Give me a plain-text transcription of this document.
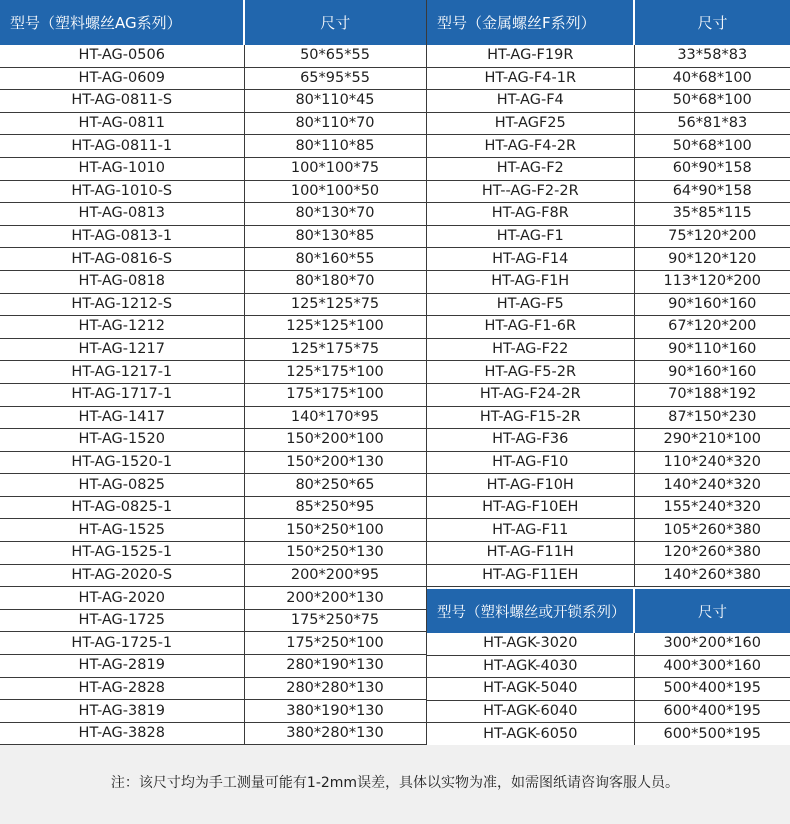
型号（塑料螺丝AG系列）	尺寸
HT-AG-0506	50*65*55
HT-AG-0609	65*95*55
HT-AG-0811-S	80*110*45
HT-AG-0811	80*110*70
HT-AG-0811-1	80*110*85
HT-AG-1010	100*100*75
HT-AG-1010-S	100*100*50
HT-AG-0813	80*130*70
HT-AG-0813-1	80*130*85
HT-AG-0816-S	80*160*55
HT-AG-0818	80*180*70
HT-AG-1212-S	125*125*75
HT-AG-1212	125*125*100
HT-AG-1217	125*175*75
HT-AG-1217-1	125*175*100
HT-AG-1717-1	175*175*100
HT-AG-1417	140*170*95
HT-AG-1520	150*200*100
HT-AG-1520-1	150*200*130
HT-AG-0825	80*250*65
HT-AG-0825-1	85*250*95
HT-AG-1525	150*250*100
HT-AG-1525-1	150*250*130
HT-AG-2020-S	200*200*95
HT-AG-2020	200*200*130
HT-AG-1725	175*250*75
HT-AG-1725-1	175*250*100
HT-AG-2819	280*190*130
HT-AG-2828	280*280*130
HT-AG-3819	380*190*130
HT-AG-3828	380*280*130
型号（金属螺丝F系列）	尺寸
HT-AG-F19R	33*58*83
HT-AG-F4-1R	40*68*100
HT-AG-F4	50*68*100
HT-AGF25	56*81*83
HT-AG-F4-2R	50*68*100
HT-AG-F2	60*90*158
HT--AG-F2-2R	64*90*158
HT-AG-F8R	35*85*115
HT-AG-F1	75*120*200
HT-AG-F14	90*120*120
HT-AG-F1H	113*120*200
HT-AG-F5	90*160*160
HT-AG-F1-6R	67*120*200
HT-AG-F22	90*110*160
HT-AG-F5-2R	90*160*160
HT-AG-F24-2R	70*188*192
HT-AG-F15-2R	87*150*230
HT-AG-F36	290*210*100
HT-AG-F10	110*240*320
HT-AG-F10H	140*240*320
HT-AG-F10EH	155*240*320
HT-AG-F11	105*260*380
HT-AG-F11H	120*260*380
HT-AG-F11EH	140*260*380
型号（塑料螺丝或开锁系列）	尺寸
HT-AGK-3020	300*200*160
HT-AGK-4030	400*300*160
HT-AGK-5040	500*400*195
HT-AGK-6040	600*400*195
HT-AGK-6050	600*500*195
注：该尺寸均为手工测量可能有1-2mm误差，具体以实物为准，如需图纸请咨询客服人员。
